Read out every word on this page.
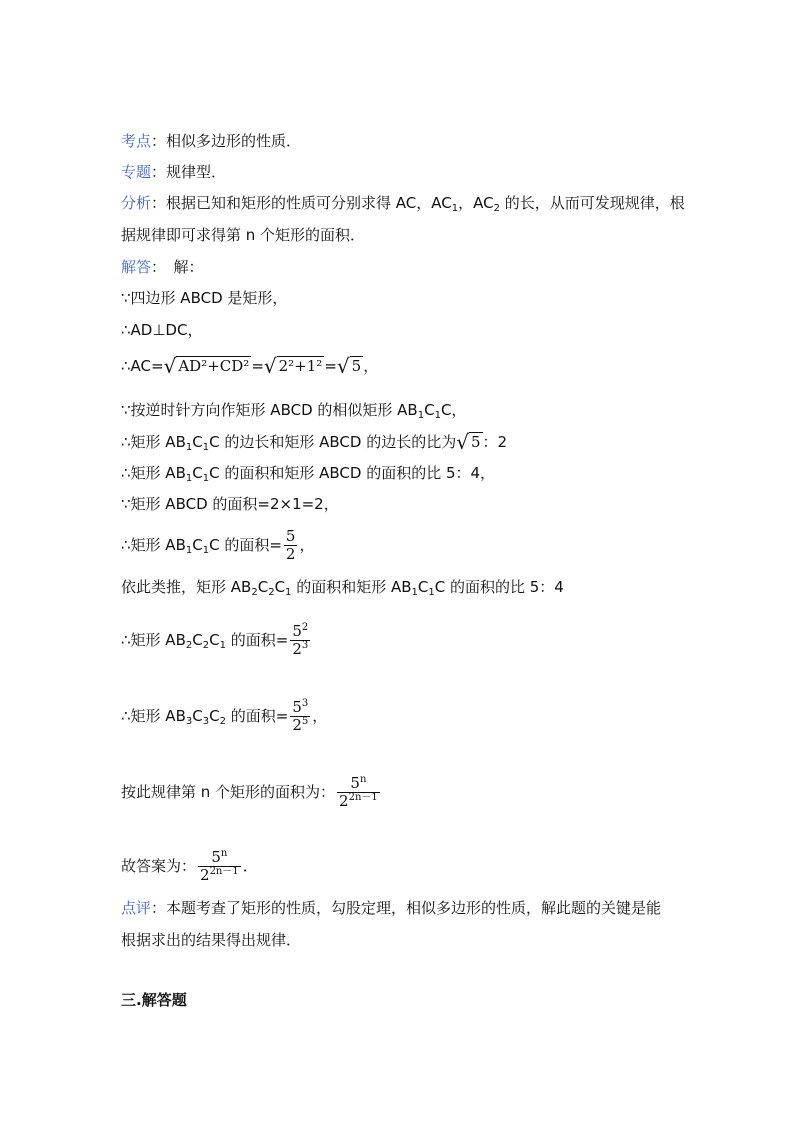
考点：相似多边形的性质．
专题：规律型．
分析：根据已知和矩形的性质可分别求得 AC，$AC_1$，$AC_2$ 的长，从而可发现规律，根
据规律即可求得第 n 个矩形的面积．
解答：　解：
∵四边形 ABCD 是矩形，
∴AD⊥DC，
∴AC=√ AD²+CD² =√ 2²+1² =√ 5 ，
∵按逆时针方向作矩形 ABCD 的相似矩形 $AB_1C_1C$，
∴矩形 $AB_1C_1C$ 的边长和矩形 ABCD 的边长的比为√ 5 ：2
∴矩形 $AB_1C_1C$ 的面积和矩形 ABCD 的面积的比 5：4，
∵矩形 ABCD 的面积=2×1=2，
∴矩形 $AB_1C_1C$ 的面积= $\frac{5}{2}$ ，
依此类推，矩形 $AB_2C_2C_1$ 的面积和矩形 $AB_1C_1C$ 的面积的比 5：4
∴矩形 $AB_2C_2C_1$ 的面积= $\frac{5^2}{2^3}$
∴矩形 $AB_3C_3C_2$ 的面积= $\frac{5^3}{2^5}$ ，
按此规律第 n 个矩形的面积为： $\frac{5^n}{2^{2n-1}}$
故答案为： $\frac{5^n}{2^{2n-1}}$ ．
点评：本题考查了矩形的性质，勾股定理，相似多边形的性质，解此题的关键是能
根据求出的结果得出规律．
三.解答题
